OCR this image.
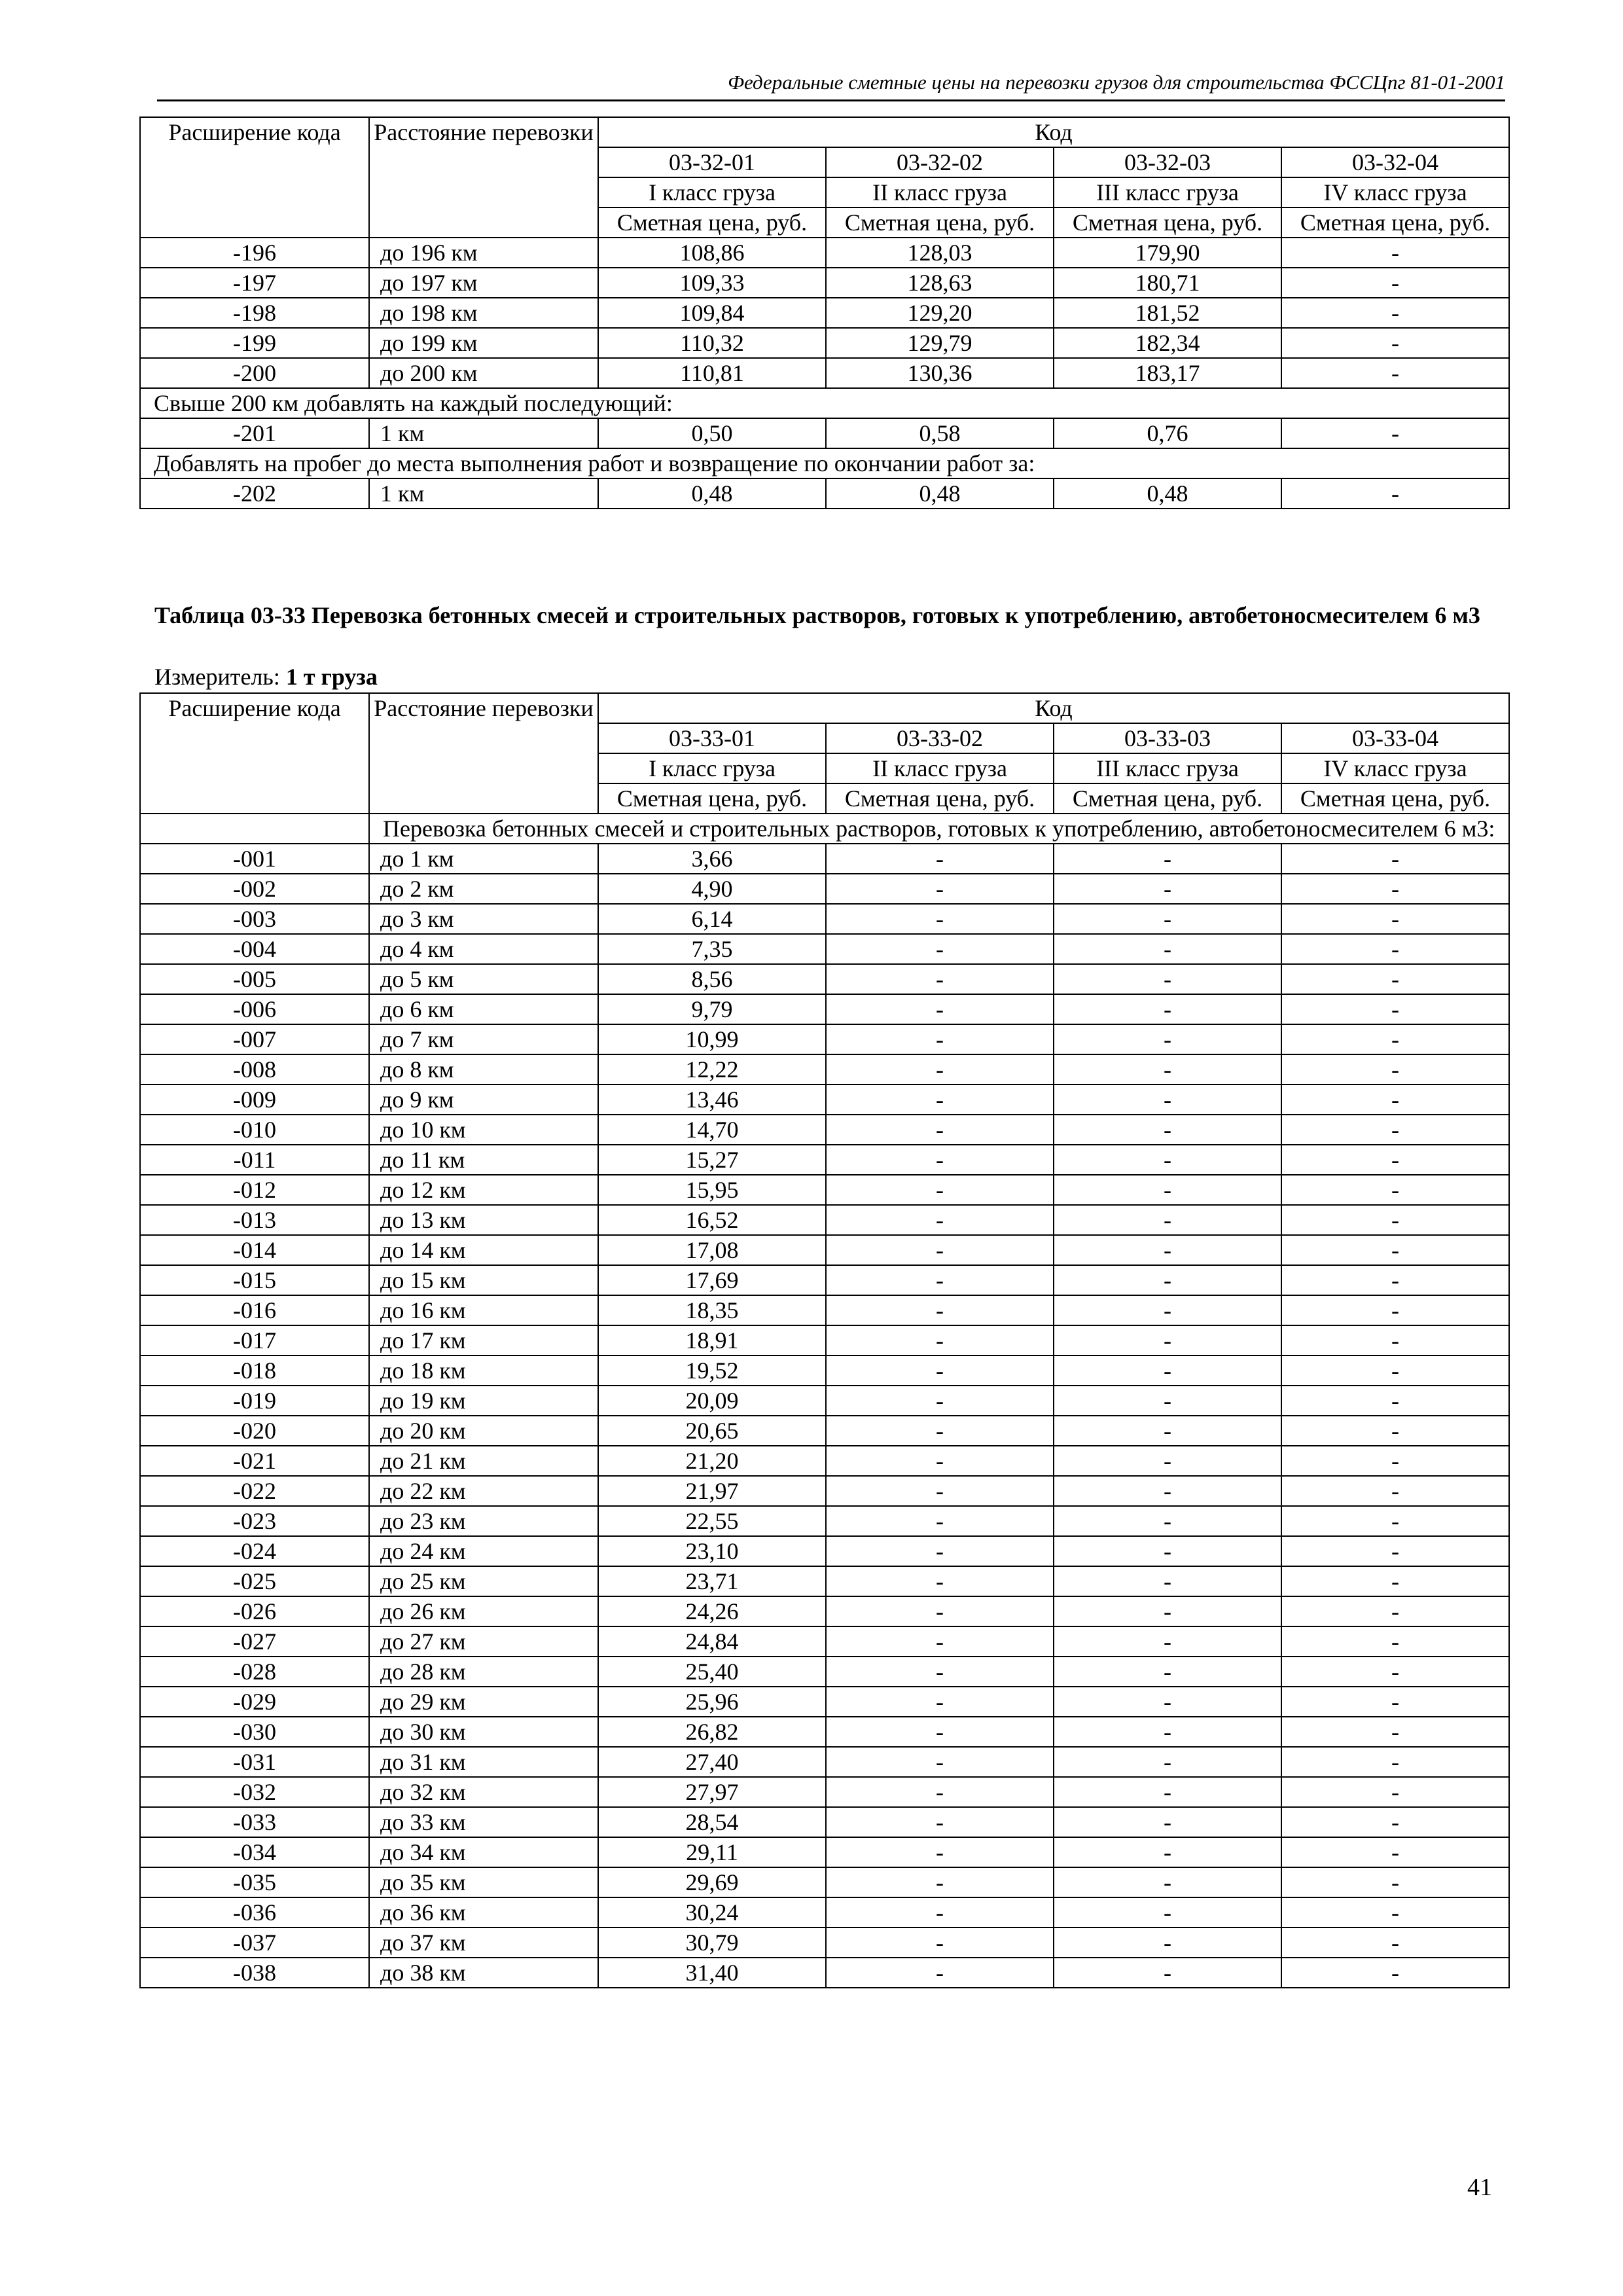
Федеральные сметные цены на перевозки грузов для строительства ФССЦпг 81-01-2001
Расширение кода	Расстояние перевозки	Код			
		03-32-01	03-32-02	03-32-03	03-32-04
		I класс груза	II класс груза	III класс груза	IV класс груза
		Сметная цена, руб.	Сметная цена, руб.	Сметная цена, руб.	Сметная цена, руб.
-196	до 196 км	108,86	128,03	179,90	-
-197	до 197 км	109,33	128,63	180,71	-
-198	до 198 км	109,84	129,20	181,52	-
-199	до 199 км	110,32	129,79	182,34	-
-200	до 200 км	110,81	130,36	183,17	-
Свыше 200 км добавлять на каждый последующий:					
-201	1 км	0,50	0,58	0,76	-
Добавлять на пробег до места выполнения работ и возвращение по окончании работ за:					
-202	1 км	0,48	0,48	0,48	-
Таблица 03-33 Перевозка бетонных смесей и строительных растворов, готовых к употреблению, автобетоносмесителем 6 м3
Измеритель: 1 т груза
Расширение кода	Расстояние перевозки	Код			
		03-33-01	03-33-02	03-33-03	03-33-04
		I класс груза	II класс груза	III класс груза	IV класс груза
		Сметная цена, руб.	Сметная цена, руб.	Сметная цена, руб.	Сметная цена, руб.
	Перевозка бетонных смесей и строительных растворов, готовых к употреблению, автобетоносмесителем 6 м3:				
-001	до 1 км	3,66	-	-	-
-002	до 2 км	4,90	-	-	-
-003	до 3 км	6,14	-	-	-
-004	до 4 км	7,35	-	-	-
-005	до 5 км	8,56	-	-	-
-006	до 6 км	9,79	-	-	-
-007	до 7 км	10,99	-	-	-
-008	до 8 км	12,22	-	-	-
-009	до 9 км	13,46	-	-	-
-010	до 10 км	14,70	-	-	-
-011	до 11 км	15,27	-	-	-
-012	до 12 км	15,95	-	-	-
-013	до 13 км	16,52	-	-	-
-014	до 14 км	17,08	-	-	-
-015	до 15 км	17,69	-	-	-
-016	до 16 км	18,35	-	-	-
-017	до 17 км	18,91	-	-	-
-018	до 18 км	19,52	-	-	-
-019	до 19 км	20,09	-	-	-
-020	до 20 км	20,65	-	-	-
-021	до 21 км	21,20	-	-	-
-022	до 22 км	21,97	-	-	-
-023	до 23 км	22,55	-	-	-
-024	до 24 км	23,10	-	-	-
-025	до 25 км	23,71	-	-	-
-026	до 26 км	24,26	-	-	-
-027	до 27 км	24,84	-	-	-
-028	до 28 км	25,40	-	-	-
-029	до 29 км	25,96	-	-	-
-030	до 30 км	26,82	-	-	-
-031	до 31 км	27,40	-	-	-
-032	до 32 км	27,97	-	-	-
-033	до 33 км	28,54	-	-	-
-034	до 34 км	29,11	-	-	-
-035	до 35 км	29,69	-	-	-
-036	до 36 км	30,24	-	-	-
-037	до 37 км	30,79	-	-	-
-038	до 38 км	31,40	-	-	-
41
